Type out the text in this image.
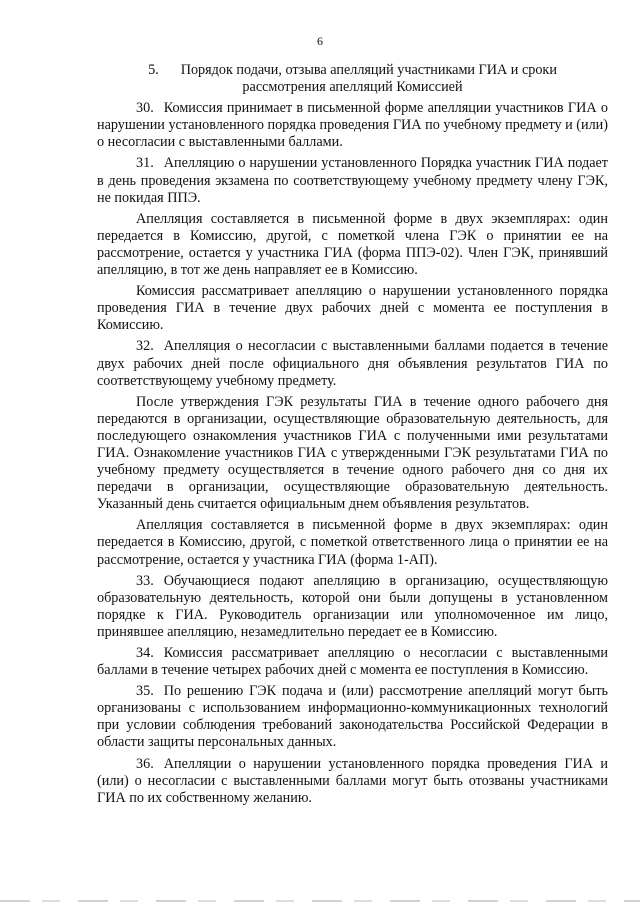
6
5. Порядок подачи, отзыва апелляций участниками ГИА и сроки
рассмотрения апелляций Комиссией

30. Комиссия принимает в письменной форме апелляции участников ГИА о нарушении установленного порядка проведения ГИА по учебному предмету и (или) о несогласии с выставленными баллами.

31. Апелляцию о нарушении установленного Порядка участник ГИА подает в день проведения экзамена по соответствующему учебному предмету члену ГЭК, не покидая ППЭ.

Апелляция составляется в письменной форме в двух экземплярах: один передается в Комиссию, другой, с пометкой члена ГЭК о принятии ее на рассмотрение, остается у участника ГИА (форма ППЭ-02). Член ГЭК, принявший апелляцию, в тот же день направляет ее в Комиссию.

Комиссия рассматривает апелляцию о нарушении установленного порядка проведения ГИА в течение двух рабочих дней с момента ее поступления в Комиссию.

32. Апелляция о несогласии с выставленными баллами подается в течение двух рабочих дней после официального дня объявления результатов ГИА по соответствующему учебному предмету.

После утверждения ГЭК результаты ГИА в течение одного рабочего дня передаются в организации, осуществляющие образовательную деятельность, для последующего ознакомления участников ГИА с полученными ими результатами ГИА. Ознакомление участников ГИА с утвержденными ГЭК результатами ГИА по учебному предмету осуществляется в течение одного рабочего дня со дня их передачи в организации, осуществляющие образовательную деятельность. Указанный день считается официальным днем объявления результатов.

Апелляция составляется в письменной форме в двух экземплярах: один передается в Комиссию, другой, с пометкой ответственного лица о принятии ее на рассмотрение, остается у участника ГИА (форма 1-АП).

33. Обучающиеся подают апелляцию в организацию, осуществляющую образовательную деятельность, которой они были допущены в установленном порядке к ГИА. Руководитель организации или уполномоченное им лицо, принявшее апелляцию, незамедлительно передает ее в Комиссию.

34. Комиссия рассматривает апелляцию о несогласии с выставленными баллами в течение четырех рабочих дней с момента ее поступления в Комиссию.

35. По решению ГЭК подача и (или) рассмотрение апелляций могут быть организованы с использованием информационно-коммуникационных технологий при условии соблюдения требований законодательства Российской Федерации в области защиты персональных данных.

36. Апелляции о нарушении установленного порядка проведения ГИА и (или) о несогласии с выставленными баллами могут быть отозваны участниками ГИА по их собственному желанию.
